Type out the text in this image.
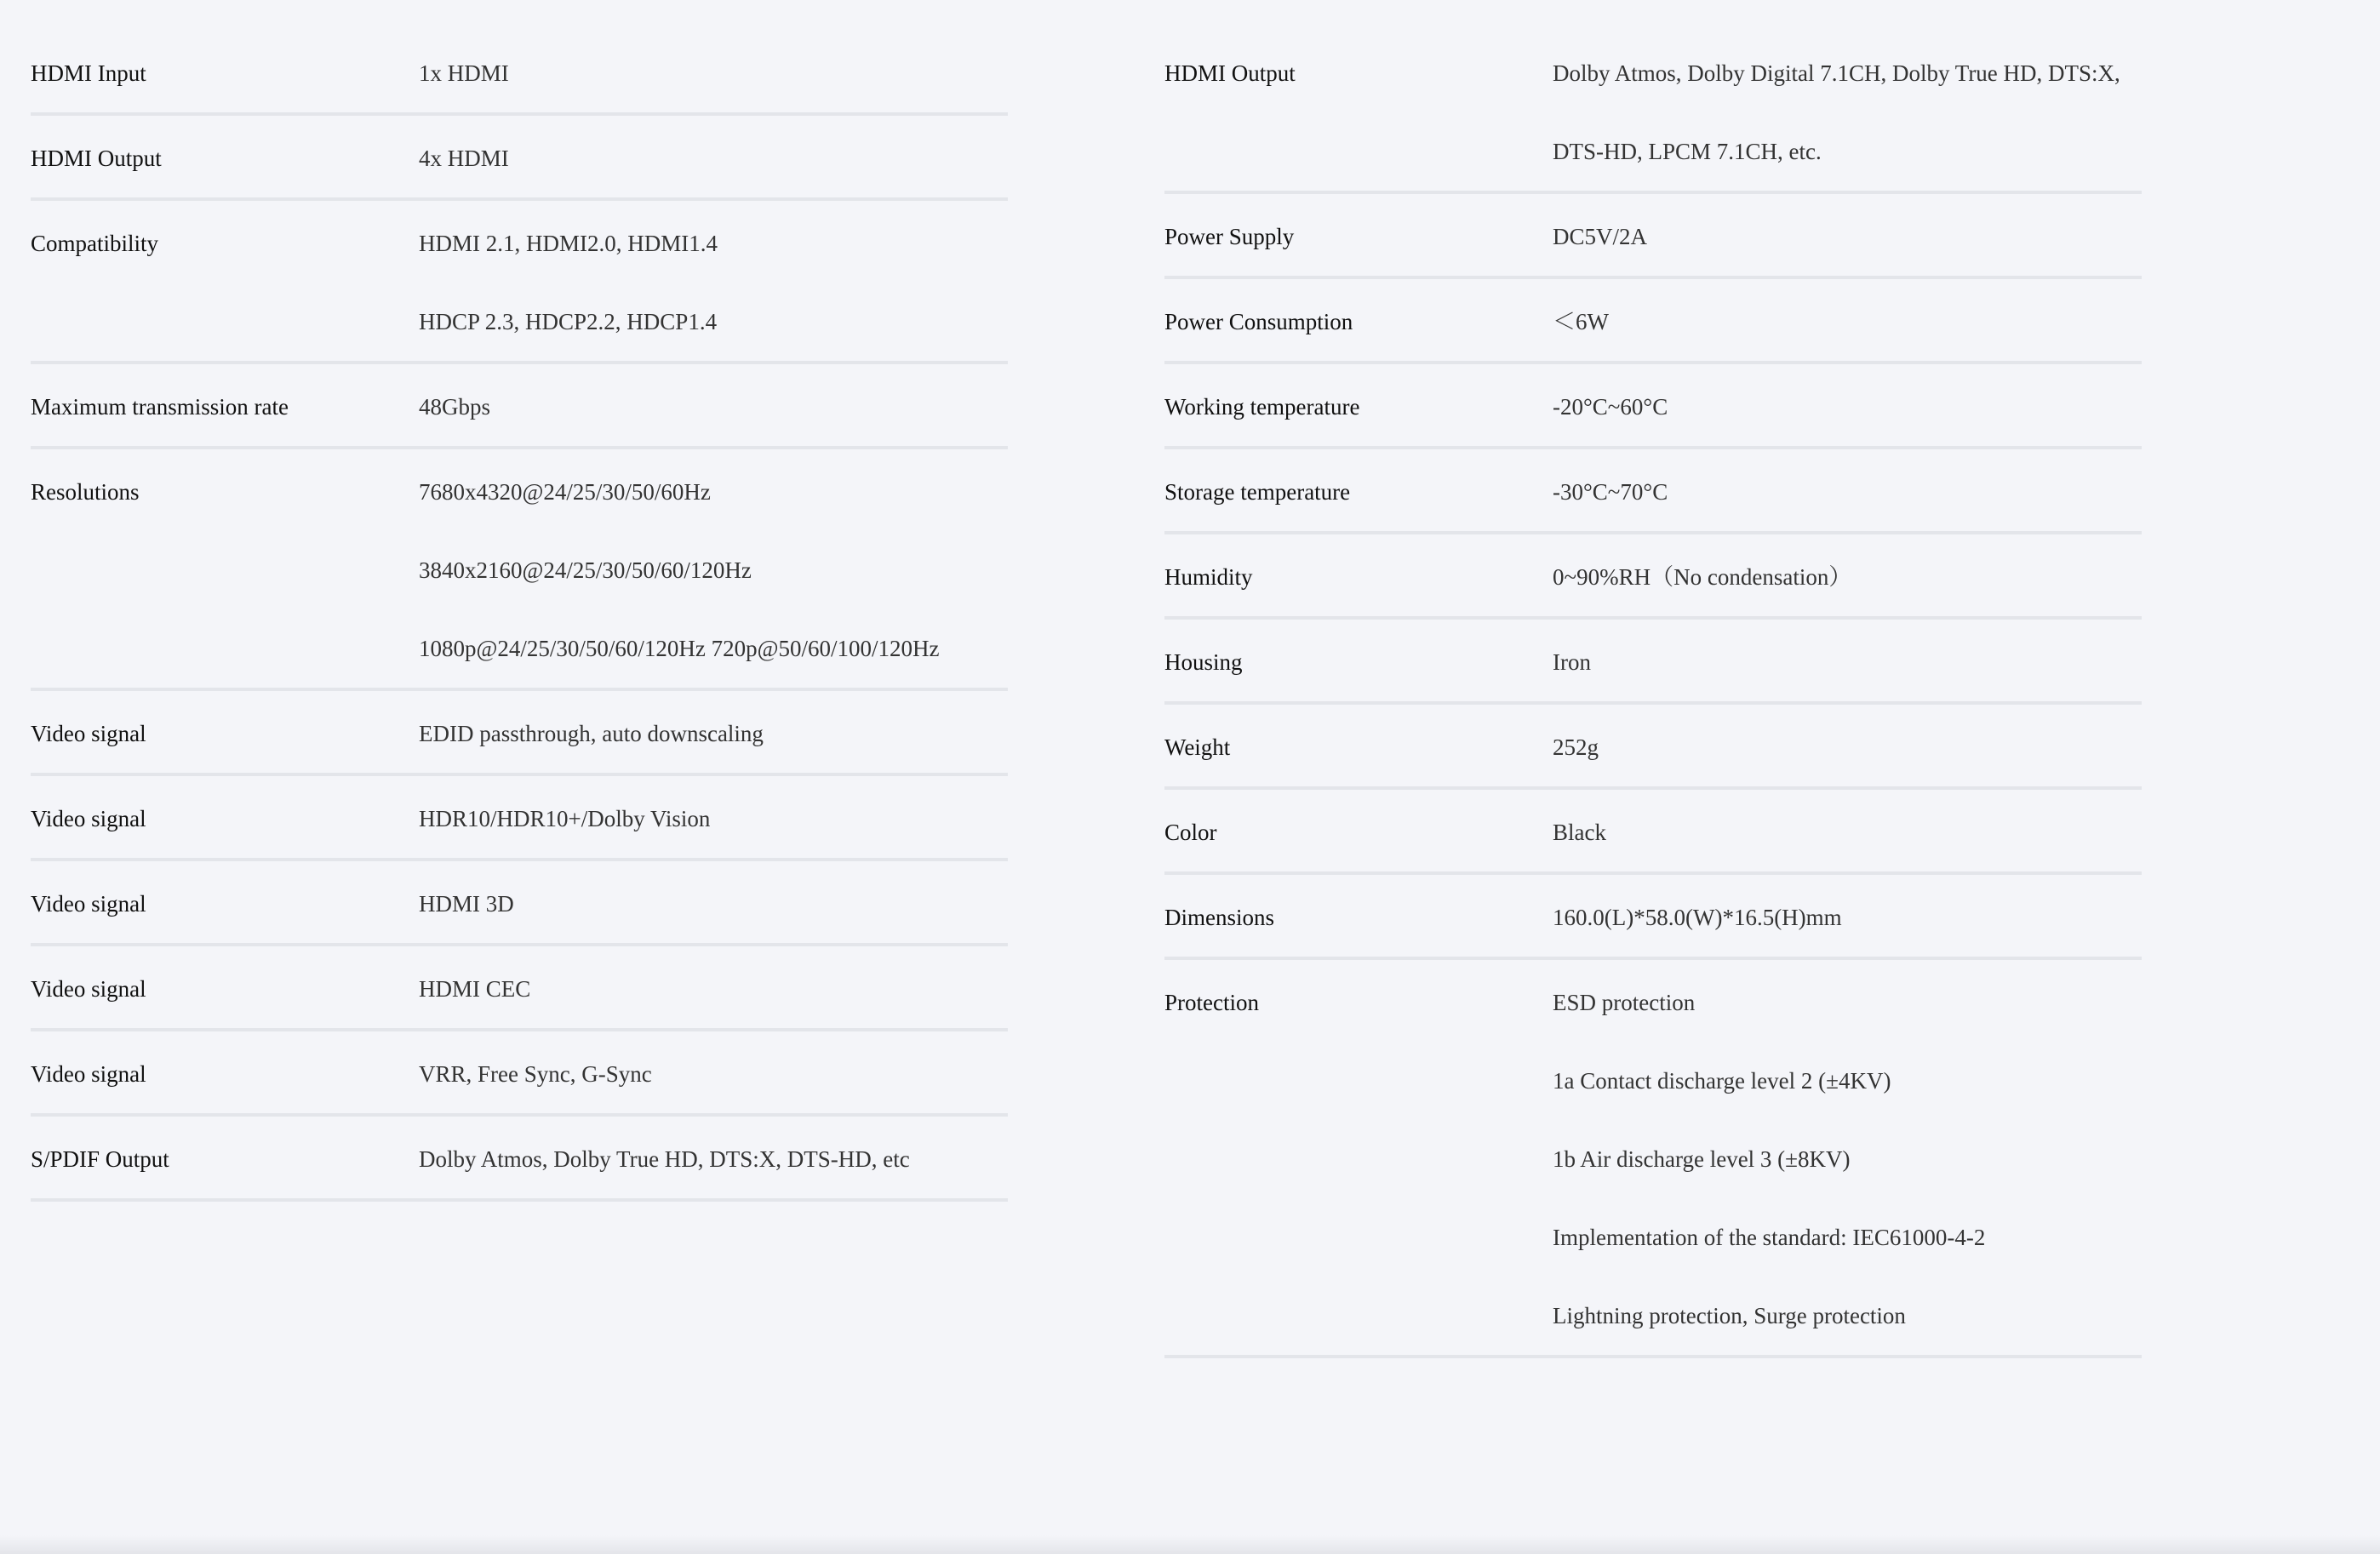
HDMI Input	1x HDMI
HDMI Output	4x HDMI
Compatibility	HDMI 2.1, HDMI2.0, HDMI1.4
HDCP 2.3, HDCP2.2, HDCP1.4
Maximum transmission rate	48Gbps
Resolutions	7680x4320@24/25/30/50/60Hz
3840x2160@24/25/30/50/60/120Hz
1080p@24/25/30/50/60/120Hz 720p@50/60/100/120Hz
Video signal	EDID passthrough, auto downscaling
Video signal	HDR10/HDR10+/Dolby Vision
Video signal	HDMI 3D
Video signal	HDMI CEC
Video signal	VRR, Free Sync, G-Sync
S/PDIF Output	Dolby Atmos, Dolby True HD, DTS:X, DTS-HD, etc
HDMI Output	Dolby Atmos, Dolby Digital 7.1CH, Dolby True HD, DTS:X,
DTS-HD, LPCM 7.1CH, etc.
Power Supply	DC5V/2A
Power Consumption	＜6W
Working temperature	-20°C~60°C
Storage temperature	-30°C~70°C
Humidity	0~90%RH（No condensation）
Housing	Iron
Weight	252g
Color	Black
Dimensions	160.0(L)*58.0(W)*16.5(H)mm
Protection	ESD protection
1a Contact discharge level 2 (±4KV)
1b Air discharge level 3 (±8KV)
Implementation of the standard: IEC61000-4-2
Lightning protection, Surge protection
